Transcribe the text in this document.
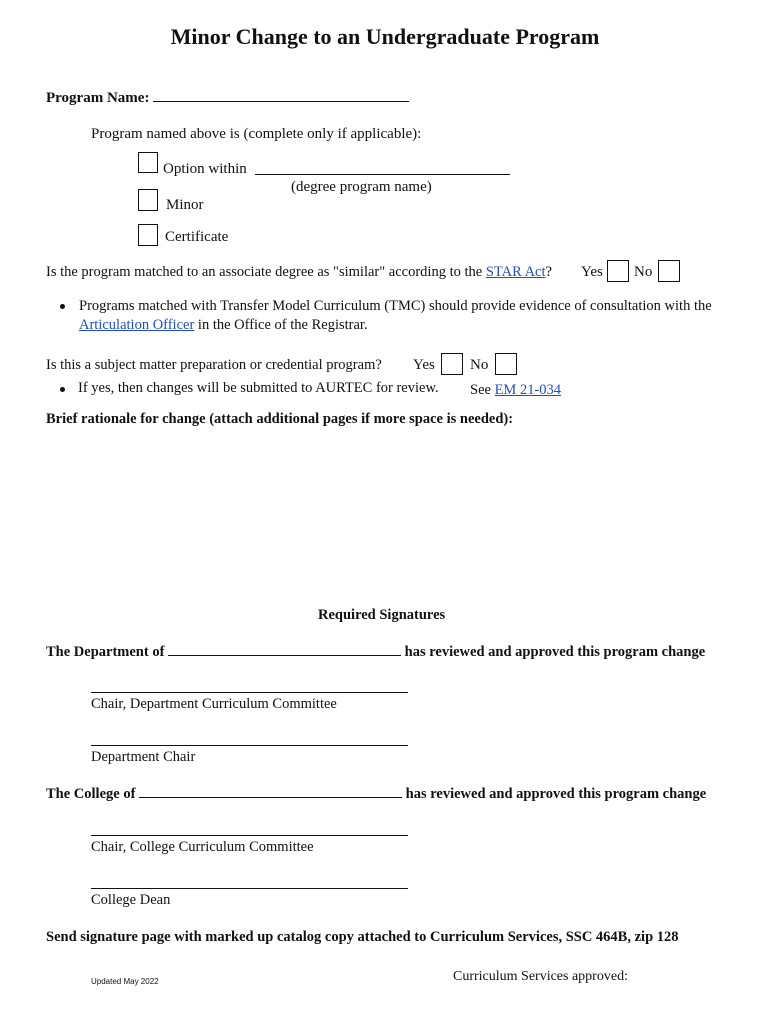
Minor Change to an Undergraduate Program
Program Name:
Program named above is (complete only if applicable):
Option within
(degree program name)
Minor
Certificate
Is the program matched to an associate degree as "similar" according to the STAR Act? Yes No
Programs matched with Transfer Model Curriculum (TMC) should provide evidence of consultation with the
Articulation Officer in the Office of the Registrar.
Is this a subject matter preparation or credential program? Yes No
If yes, then changes will be submitted to AURTEC for review. See EM 21-034
Brief rationale for change (attach additional pages if more space is needed):
Required Signatures
The Department of	has reviewed and approved this program change
Chair, Department Curriculum Committee
Department Chair
The College of	has reviewed and approved this program change
Chair, College Curriculum Committee
College Dean
Send signature page with marked up catalog copy attached to Curriculum Services, SSC 464B, zip 128
Updated May 2022	Curriculum Services approved:
